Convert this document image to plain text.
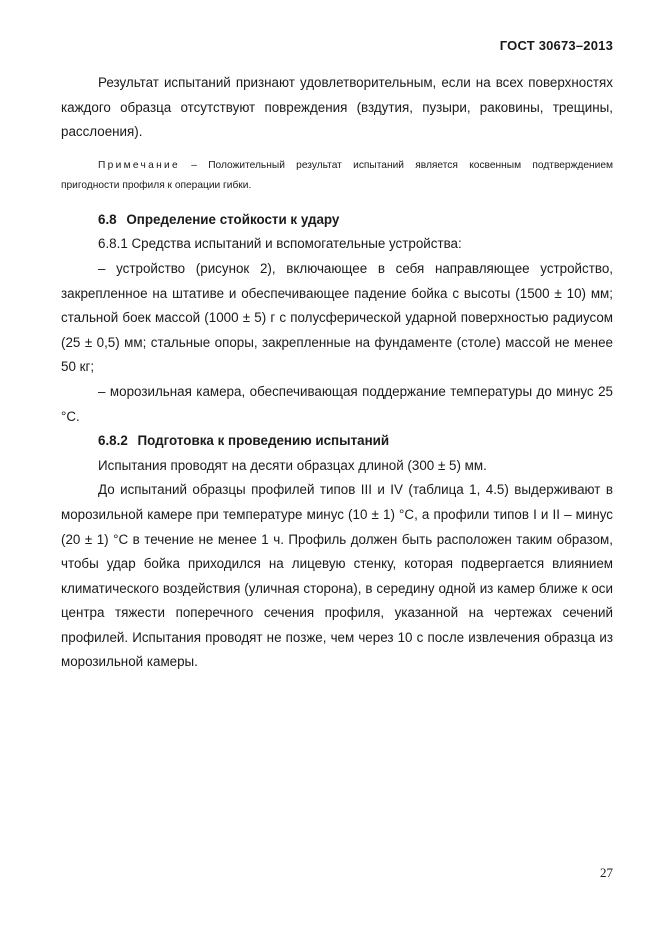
ГОСТ 30673–2013

Результат испытаний признают удовлетворительным, если на всех поверхностях каждого образца отсутствуют повреждения (вздутия, пузыри, раковины, трещины, расслоения).

Примечание – Положительный результат испытаний является косвенным подтверждением пригодности профиля к операции гибки.

6.8 Определение стойкости к удару

6.8.1 Средства испытаний и вспомогательные устройства:

– устройство (рисунок 2), включающее в себя направляющее устройство, закрепленное на штативе и обеспечивающее падение бойка с высоты (1500 ± 10) мм; стальной боек массой (1000 ± 5) г с полусферической ударной поверхностью радиусом (25 ± 0,5) мм; стальные опоры, закрепленные на фундаменте (столе) массой не менее 50 кг;

– морозильная камера, обеспечивающая поддержание температуры до минус 25 °С.

6.8.2 Подготовка к проведению испытаний

Испытания проводят на десяти образцах длиной (300 ± 5) мм.

До испытаний образцы профилей типов III и IV (таблица 1, 4.5) выдерживают в морозильной камере при температуре минус (10 ± 1) °С, а профили типов I и II – минус (20 ± 1) °С в течение не менее 1 ч. Профиль должен быть расположен таким образом, чтобы удар бойка приходился на лицевую стенку, которая подвергается влиянием климатического воздействия (уличная сторона), в середину одной из камер ближе к оси центра тяжести поперечного сечения профиля, указанной на чертежах сечений профилей. Испытания проводят не позже, чем через 10 с после извлечения образца из морозильной камеры.

27
